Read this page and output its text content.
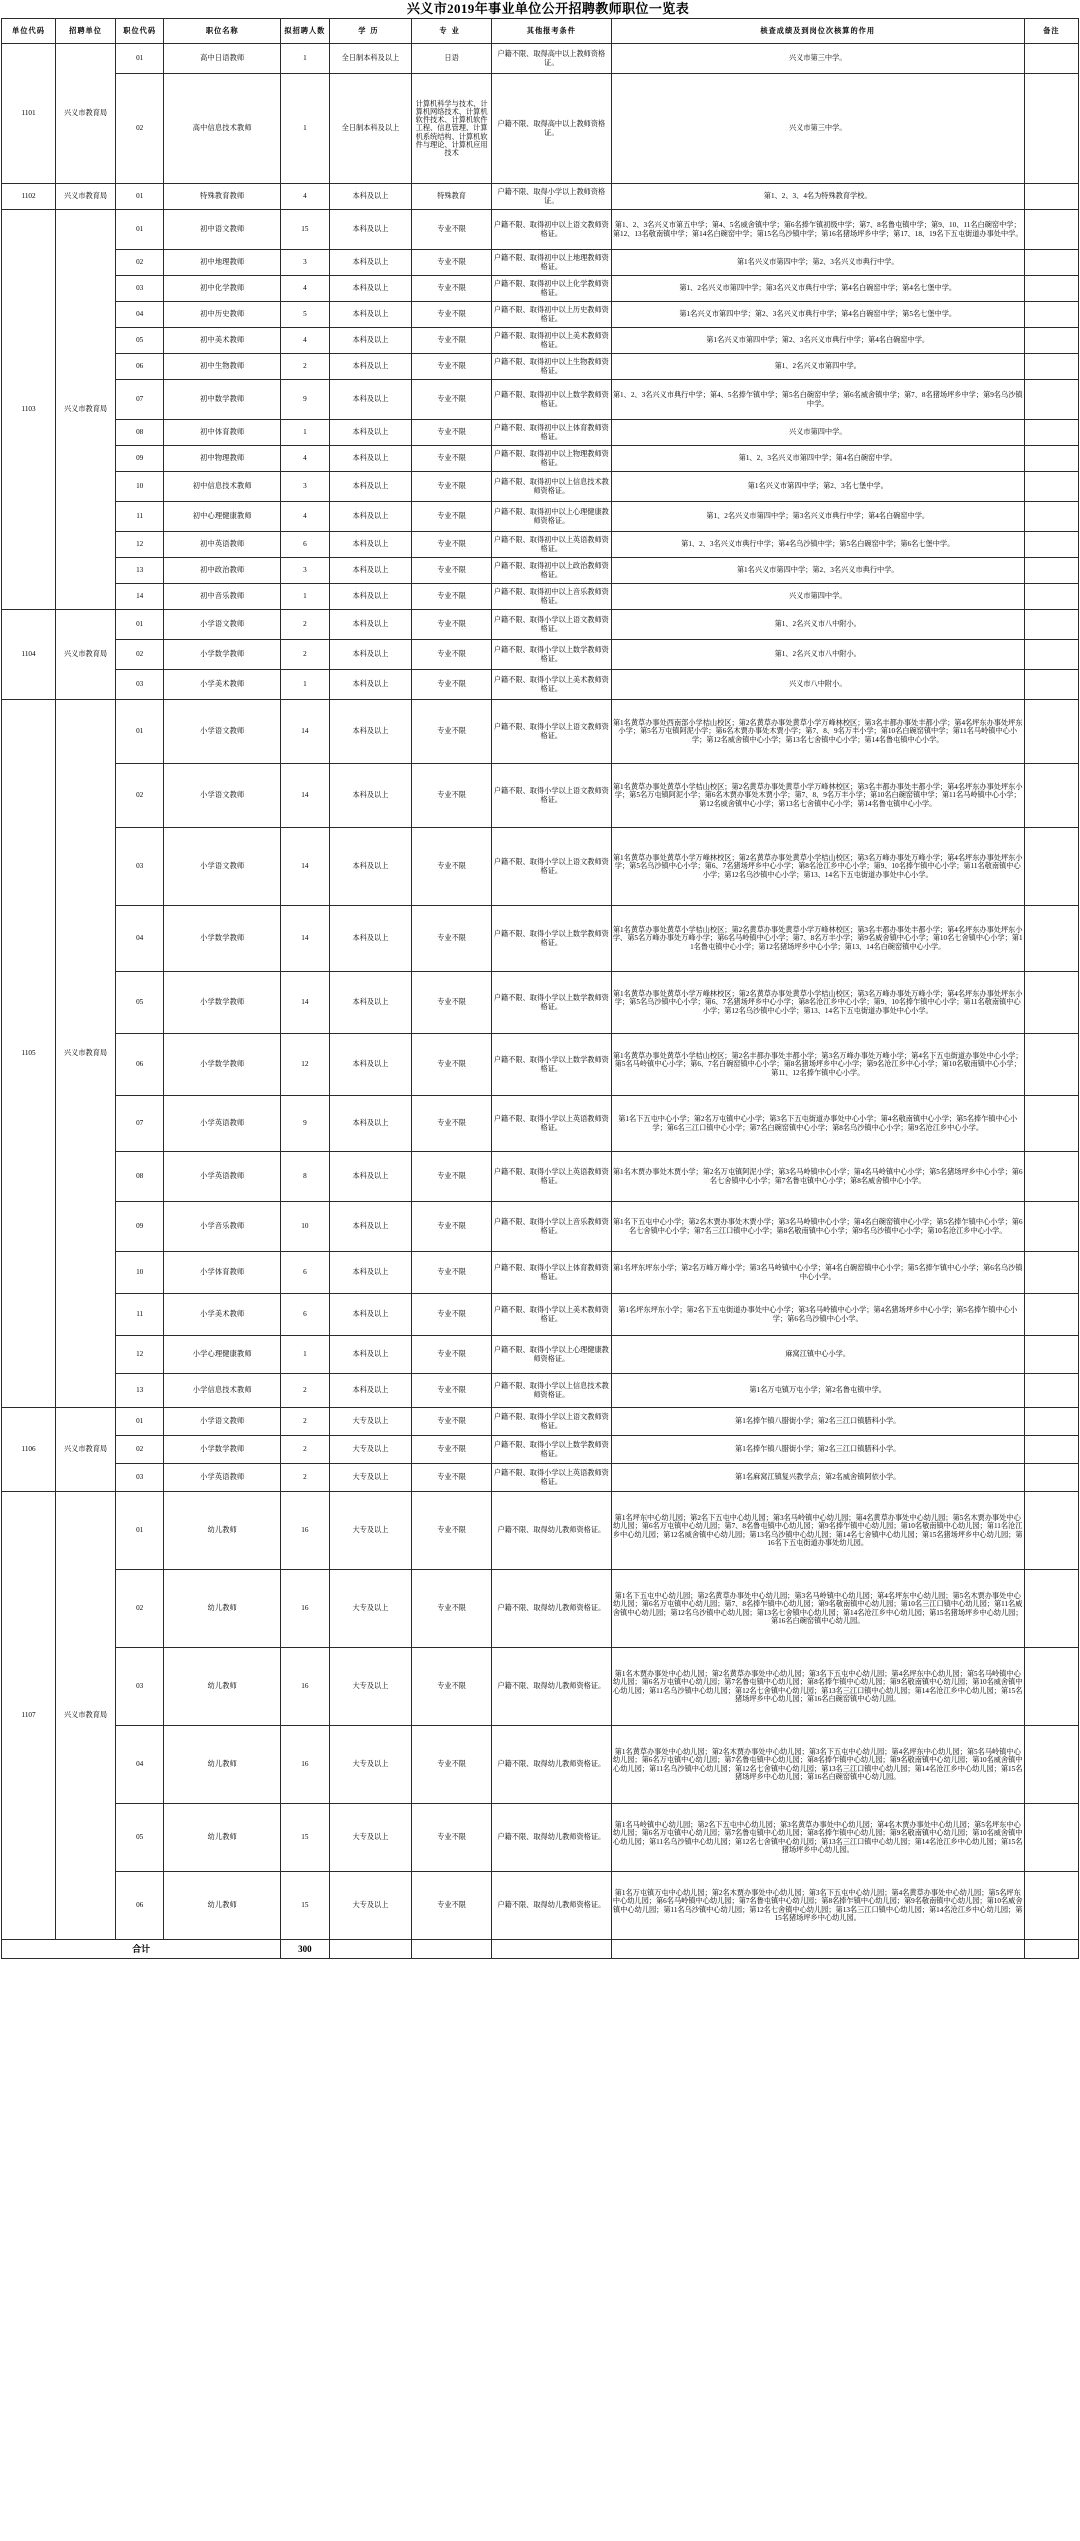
兴义市2019年事业单位公开招聘教师职位一览表
单位代码	招聘单位	职位代码	职位名称	拟招聘人数	学历	专业	其他报考条件	核查成绩及到岗位次核算的作用	备注
1101	兴义市教育局	01	高中日语教师	1	全日制本科及以上	日语	户籍不限、取得高中以上教师资格证。	兴义市第三中学。	
		02	高中信息技术教师	1	全日制本科及以上	计算机科学与技术、计算机网络技术、计算机软件技术、计算机软件工程、信息管理、计算机系统结构、计算机软件与理论、计算机应用技术	户籍不限、取得高中以上教师资格证。	兴义市第三中学。	
1102	兴义市教育局	01	特殊教育教师	4	本科及以上	特殊教育	户籍不限、取得小学以上教师资格证。	第1、2、3、4名为特殊教育学校。	
1103	兴义市教育局	01	初中语文教师	15	本科及以上	专业不限	户籍不限、取得初中以上语文教师资格证。	第1、2、3名兴义市第五中学；第4、5名威舍镇中学；第6名捧乍镇初级中学；第7、8名鲁屯镇中学；第9、10、11名白碗窑中学；第12、13名敬南镇中学；第14名白碗窑中学；第15名乌沙镇中学；第16名猪场坪乡中学；第17、18、19名下五屯街道办事处中学。	
		02	初中地理教师	3	本科及以上	专业不限	户籍不限、取得初中以上地理教师资格证。	第1名兴义市第四中学；第2、3名兴义市典行中学。	
		03	初中化学教师	4	本科及以上	专业不限	户籍不限、取得初中以上化学教师资格证。	第1、2名兴义市第四中学；第3名兴义市典行中学；第4名白碗窑中学；第4名七堡中学。	
		04	初中历史教师	5	本科及以上	专业不限	户籍不限、取得初中以上历史教师资格证。	第1名兴义市第四中学；第2、3名兴义市典行中学；第4名白碗窑中学；第5名七堡中学。	
		05	初中美术教师	4	本科及以上	专业不限	户籍不限、取得初中以上美术教师资格证。	第1名兴义市第四中学；第2、3名兴义市典行中学；第4名白碗窑中学。	
		06	初中生物教师	2	本科及以上	专业不限	户籍不限、取得初中以上生物教师资格证。	第1、2名兴义市第四中学。	
		07	初中数学教师	9	本科及以上	专业不限	户籍不限、取得初中以上数学教师资格证。	第1、2、3名兴义市典行中学；第4、5名捧乍镇中学；第5名白碗窑中学；第6名威舍镇中学；第7、8名猪场坪乡中学；第9名乌沙镇中学。	
		08	初中体育教师	1	本科及以上	专业不限	户籍不限、取得初中以上体育教师资格证。	兴义市第四中学。	
		09	初中物理教师	4	本科及以上	专业不限	户籍不限、取得初中以上物理教师资格证。	第1、2、3名兴义市第四中学；第4名白碗窑中学。	
		10	初中信息技术教师	3	本科及以上	专业不限	户籍不限、取得初中以上信息技术教师资格证。	第1名兴义市第四中学；第2、3名七堡中学。	
		11	初中心理健康教师	4	本科及以上	专业不限	户籍不限、取得初中以上心理健康教师资格证。	第1、2名兴义市第四中学；第3名兴义市典行中学；第4名白碗窑中学。	
		12	初中英语教师	6	本科及以上	专业不限	户籍不限、取得初中以上英语教师资格证。	第1、2、3名兴义市典行中学；第4名乌沙镇中学；第5名白碗窑中学；第6名七堡中学。	
		13	初中政治教师	3	本科及以上	专业不限	户籍不限、取得初中以上政治教师资格证。	第1名兴义市第四中学；第2、3名兴义市典行中学。	
		14	初中音乐教师	1	本科及以上	专业不限	户籍不限、取得初中以上音乐教师资格证。	兴义市第四中学。	
1104	兴义市教育局	01	小学语文教师	2	本科及以上	专业不限	户籍不限、取得小学以上语文教师资格证。	第1、2名兴义市八中附小。	
		02	小学数学教师	2	本科及以上	专业不限	户籍不限、取得小学以上数学教师资格证。	第1、2名兴义市八中附小。	
		03	小学美术教师	1	本科及以上	专业不限	户籍不限、取得小学以上美术教师资格证。	兴义市八中附小。	
1105	兴义市教育局	01	小学语文教师	14	本科及以上	专业不限	户籍不限、取得小学以上语文教师资格证。	第1名黄草办事处西南部小学桔山校区；第2名黄草办事处黄草小学万峰林校区；第3名丰都办事处丰都小学；第4名坪东办事处坪东小学；第5名万屯镇阿泥小学；第6名木贾办事处木贾小学；第7、8、9名万丰小学；第10名白碗窑镇中学；第11名马岭镇中心小学；第12名威舍镇中心小学；第13名七舍镇中心小学；第14名鲁屯镇中心小学。	
		02	小学语文教师	14	本科及以上	专业不限	户籍不限、取得小学以上语文教师资格证。	第1名黄草办事处黄草小学桔山校区；第2名黄草办事处黄草小学万峰林校区；第3名丰都办事处丰都小学；第4名坪东办事处坪东小学；第5名万屯镇阿泥小学；第6名木贾办事处木贾小学；第7、8、9名万丰小学；第10名白碗窑镇中学；第11名马岭镇中心小学；第12名威舍镇中心小学；第13名七舍镇中心小学；第14名鲁屯镇中心小学。	
		03	小学语文教师	14	本科及以上	专业不限	户籍不限、取得小学以上语文教师资格证。	第1名黄草办事处黄草小学万峰林校区；第2名黄草办事处黄草小学桔山校区；第3名万峰办事处万峰小学；第4名坪东办事处坪东小学；第5名乌沙镇中心小学；第6、7名猪场坪乡中心小学；第8名沧江乡中心小学；第9、10名捧乍镇中心小学；第11名敬南镇中心小学；第12名乌沙镇中心小学；第13、14名下五屯街道办事处中心小学。	
		04	小学数学教师	14	本科及以上	专业不限	户籍不限、取得小学以上数学教师资格证。	第1名黄草办事处黄草小学桔山校区；第2名黄草办事处黄草小学万峰林校区；第3名丰都办事处丰都小学；第4名坪东办事处坪东小学、第5名万峰办事处万峰小学；第6名马岭镇中心小学；第7、8名万丰小学；第9名威舍镇中心小学；第10名七舍镇中心小学；第11名鲁屯镇中心小学；第12名猪场坪乡中心小学；第13、14名白碗窑镇中心小学。	
		05	小学数学教师	14	本科及以上	专业不限	户籍不限、取得小学以上数学教师资格证。	第1名黄草办事处黄草小学万峰林校区；第2名黄草办事处黄草小学桔山校区；第3名万峰办事处万峰小学；第4名坪东办事处坪东小学；第5名乌沙镇中心小学；第6、7名猪场坪乡中心小学；第8名沧江乡中心小学；第9、10名捧乍镇中心小学；第11名敬南镇中心小学；第12名乌沙镇中心小学；第13、14名下五屯街道办事处中心小学。	
		06	小学数学教师	12	本科及以上	专业不限	户籍不限、取得小学以上数学教师资格证。	第1名黄草办事处黄草小学桔山校区；第2名丰都办事处丰都小学；第3名万峰办事处万峰小学；第4名下五屯街道办事处中心小学；第5名马岭镇中心小学；第6、7名白碗窑镇中心小学；第8名猪场坪乡中心小学；第9名沧江乡中心小学；第10名敬南镇中心小学；第11、12名捧乍镇中心小学。	
		07	小学英语教师	9	本科及以上	专业不限	户籍不限、取得小学以上英语教师资格证。	第1名下五屯中心小学；第2名万屯镇中心小学；第3名下五屯街道办事处中心小学；第4名敬南镇中心小学；第5名捧乍镇中心小学；第6名三江口镇中心小学；第7名白碗窑镇中心小学；第8名乌沙镇中心小学；第9名沧江乡中心小学。	
		08	小学英语教师	8	本科及以上	专业不限	户籍不限、取得小学以上英语教师资格证。	第1名木贾办事处木贾小学；第2名万屯镇阿泥小学；第3名马岭镇中心小学；第4名马岭镇中心小学；第5名猪场坪乡中心小学；第6名七舍镇中心小学；第7名鲁屯镇中心小学；第8名威舍镇中心小学。	
		09	小学音乐教师	10	本科及以上	专业不限	户籍不限、取得小学以上音乐教师资格证。	第1名下五屯中心小学；第2名木贾办事处木贾小学；第3名马岭镇中心小学；第4名白碗窑镇中心小学；第5名捧乍镇中心小学；第6名七舍镇中心小学；第7名三江口镇中心小学；第8名敬南镇中心小学；第9名乌沙镇中心小学；第10名沧江乡中心小学。	
		10	小学体育教师	6	本科及以上	专业不限	户籍不限、取得小学以上体育教师资格证。	第1名坪东坪东小学；第2名万峰万峰小学；第3名马岭镇中心小学；第4名白碗窑镇中心小学；第5名捧乍镇中心小学；第6名乌沙镇中心小学。	
		11	小学美术教师	6	本科及以上	专业不限	户籍不限、取得小学以上美术教师资格证。	第1名坪东坪东小学；第2名下五屯街道办事处中心小学；第3名马岭镇中心小学；第4名猪场坪乡中心小学；第5名捧乍镇中心小学；第6名乌沙镇中心小学。	
		12	小学心理健康教师	1	本科及以上	专业不限	户籍不限、取得小学以上心理健康教师资格证。	麻窝江镇中心小学。	
		13	小学信息技术教师	2	本科及以上	专业不限	户籍不限、取得小学以上信息技术教师资格证。	第1名万屯镇万屯小学；第2名鲁屯镇中学。	
1106	兴义市教育局	01	小学语文教师	2	大专及以上	专业不限	户籍不限、取得小学以上语文教师资格证。	第1名捧乍镇八腊街小学；第2名三江口镇腊科小学。	
		02	小学数学教师	2	大专及以上	专业不限	户籍不限、取得小学以上数学教师资格证。	第1名捧乍镇八腊街小学；第2名三江口镇腊科小学。	
		03	小学英语教师	2	大专及以上	专业不限	户籍不限、取得小学以上英语教师资格证。	第1名麻窝江镇复兴教学点；第2名威舍镇阿依小学。	
1107	兴义市教育局	01	幼儿教师	16	大专及以上	专业不限	户籍不限、取得幼儿教师资格证。	第1名坪东中心幼儿园；第2名下五屯中心幼儿园；第3名马岭镇中心幼儿园；第4名黄草办事处中心幼儿园；第5名木贾办事处中心幼儿园；第6名万屯镇中心幼儿园；第7、8名鲁屯镇中心幼儿园；第9名捧乍镇中心幼儿园；第10名敬南镇中心幼儿园；第11名沧江乡中心幼儿园；第12名威舍镇中心幼儿园；第13名乌沙镇中心幼儿园；第14名七舍镇中心幼儿园；第15名猪场坪乡中心幼儿园；第16名下五屯街道办事处幼儿园。	
		02	幼儿教师	16	大专及以上	专业不限	户籍不限、取得幼儿教师资格证。	第1名下五屯中心幼儿园；第2名黄草办事处中心幼儿园；第3名马岭镇中心幼儿园；第4名坪东中心幼儿园；第5名木贾办事处中心幼儿园；第6名万屯镇中心幼儿园；第7、8名捧乍镇中心幼儿园；第9名敬南镇中心幼儿园；第10名三江口镇中心幼儿园；第11名威舍镇中心幼儿园；第12名乌沙镇中心幼儿园；第13名七舍镇中心幼儿园；第14名沧江乡中心幼儿园；第15名猪场坪乡中心幼儿园；第16名白碗窑镇中心幼儿园。	
		03	幼儿教师	16	大专及以上	专业不限	户籍不限、取得幼儿教师资格证。	第1名木贾办事处中心幼儿园；第2名黄草办事处中心幼儿园；第3名下五屯中心幼儿园；第4名坪东中心幼儿园；第5名马岭镇中心幼儿园；第6名万屯镇中心幼儿园；第7名鲁屯镇中心幼儿园；第8名捧乍镇中心幼儿园；第9名敬南镇中心幼儿园；第10名威舍镇中心幼儿园；第11名乌沙镇中心幼儿园；第12名七舍镇中心幼儿园；第13名三江口镇中心幼儿园；第14名沧江乡中心幼儿园；第15名猪场坪乡中心幼儿园；第16名白碗窑镇中心幼儿园。	
		04	幼儿教师	16	大专及以上	专业不限	户籍不限、取得幼儿教师资格证。	第1名黄草办事处中心幼儿园；第2名木贾办事处中心幼儿园；第3名下五屯中心幼儿园；第4名坪东中心幼儿园；第5名马岭镇中心幼儿园；第6名万屯镇中心幼儿园；第7名鲁屯镇中心幼儿园；第8名捧乍镇中心幼儿园；第9名敬南镇中心幼儿园；第10名威舍镇中心幼儿园；第11名乌沙镇中心幼儿园；第12名七舍镇中心幼儿园；第13名三江口镇中心幼儿园；第14名沧江乡中心幼儿园；第15名猪场坪乡中心幼儿园；第16名白碗窑镇中心幼儿园。	
		05	幼儿教师	15	大专及以上	专业不限	户籍不限、取得幼儿教师资格证。	第1名马岭镇中心幼儿园；第2名下五屯中心幼儿园；第3名黄草办事处中心幼儿园；第4名木贾办事处中心幼儿园；第5名坪东中心幼儿园；第6名万屯镇中心幼儿园；第7名鲁屯镇中心幼儿园；第8名捧乍镇中心幼儿园；第9名敬南镇中心幼儿园；第10名威舍镇中心幼儿园；第11名乌沙镇中心幼儿园；第12名七舍镇中心幼儿园；第13名三江口镇中心幼儿园；第14名沧江乡中心幼儿园；第15名猪场坪乡中心幼儿园。	
		06	幼儿教师	15	大专及以上	专业不限	户籍不限、取得幼儿教师资格证。	第1名万屯镇万屯中心幼儿园；第2名木贾办事处中心幼儿园；第3名下五屯中心幼儿园；第4名黄草办事处中心幼儿园；第5名坪东中心幼儿园；第6名马岭镇中心幼儿园；第7名鲁屯镇中心幼儿园；第8名捧乍镇中心幼儿园；第9名敬南镇中心幼儿园；第10名威舍镇中心幼儿园；第11名乌沙镇中心幼儿园；第12名七舍镇中心幼儿园；第13名三江口镇中心幼儿园；第14名沧江乡中心幼儿园；第15名猪场坪乡中心幼儿园。	
合计				300					
